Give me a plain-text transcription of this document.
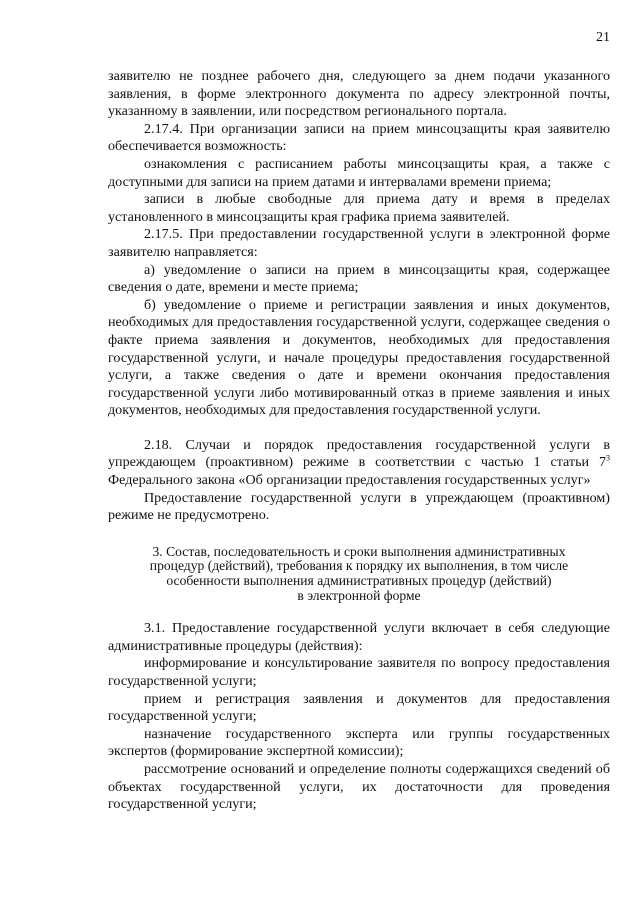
21

заявителю не позднее рабочего дня, следующего за днем подачи указанного заявления, в форме электронного документа по адресу электронной почты, указанному в заявлении, или посредством регионального портала.

2.17.4. При организации записи на прием минсоцзащиты края заявителю обеспечивается возможность:

ознакомления с расписанием работы минсоцзащиты края, а также с доступными для записи на прием датами и интервалами времени приема;

записи в любые свободные для приема дату и время в пределах установленного в минсоцзащиты края графика приема заявителей.

2.17.5. При предоставлении государственной услуги в электронной форме заявителю направляется:

а) уведомление о записи на прием в минсоцзащиты края, содержащее сведения о дате, времени и месте приема;

б) уведомление о приеме и регистрации заявления и иных документов, необходимых для предоставления государственной услуги, содержащее сведения о факте приема заявления и документов, необходимых для предоставления государственной услуги, и начале процедуры предоставления государственной услуги, а также сведения о дате и времени окончания предоставления государственной услуги либо мотивированный отказ в приеме заявления и иных документов, необходимых для предоставления государственной услуги.

2.18. Случаи и порядок предоставления государственной услуги в упреждающем (проактивном) режиме в соответствии с частью 1 статьи $7^3$ Федерального закона «Об организации предоставления государственных услуг»

Предоставление государственной услуги в упреждающем (проактивном) режиме не предусмотрено.

3. Состав, последовательность и сроки выполнения административных
процедур (действий), требования к порядку их выполнения, в том числе
особенности выполнения административных процедур (действий)
в электронной форме

3.1. Предоставление государственной услуги включает в себя следующие административные процедуры (действия):

информирование и консультирование заявителя по вопросу предоставления государственной услуги;

прием и регистрация заявления и документов для предоставления государственной услуги;

назначение государственного эксперта или группы государственных экспертов (формирование экспертной комиссии);

рассмотрение оснований и определение полноты содержащихся сведений об объектах государственной услуги, их достаточности для проведения государственной услуги;
